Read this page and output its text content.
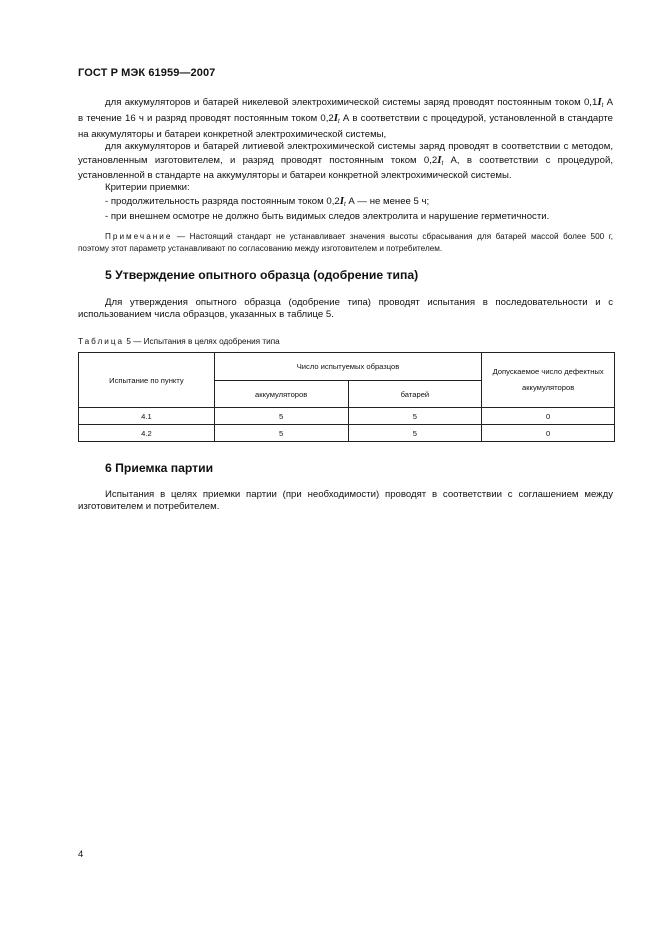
ГОСТ Р МЭК 61959—2007

для аккумуляторов и батарей никелевой электрохимической системы заряд проводят постоянным током $0,1I_t$ А в течение 16 ч и разряд проводят постоянным током $0,2I_t$ А в соответствии с процедурой, установленной в стандарте на аккумуляторы и батареи конкретной электрохимической системы,

для аккумуляторов и батарей литиевой электрохимической системы заряд проводят в соответствии с методом, установленным изготовителем, и разряд проводят постоянным током $0,2I_t$ А, в соответствии с процедурой, установленной в стандарте на аккумуляторы и батареи конкретной электрохимической системы.

Критерии приемки:

- продолжительность разряда постоянным током $0,2I_t$ А — не менее 5 ч;

- при внешнем осмотре не должно быть видимых следов электролита и нарушение герметичности.

Примечание — Настоящий стандарт не устанавливает значения высоты сбрасывания для батарей массой более 500 г, поэтому этот параметр устанавливают по согласованию между изготовителем и потребителем.
5 Утверждение опытного образца (одобрение типа)

Для утверждения опытного образца (одобрение типа) проводят испытания в последовательности и с использованием числа образцов, указанных в таблице 5.

Таблица 5 — Испытания в целях одобрения типа
Испытание по пункту	Число испытуемых образцов		Допускаемое число дефектных аккумуляторов
	аккумуляторов	батарей	
4.1	5	5	0
4.2	5	5	0
6 Приемка партии

Испытания в целях приемки партии (при необходимости) проводят в соответствии с соглашением между изготовителем и потребителем.

4
